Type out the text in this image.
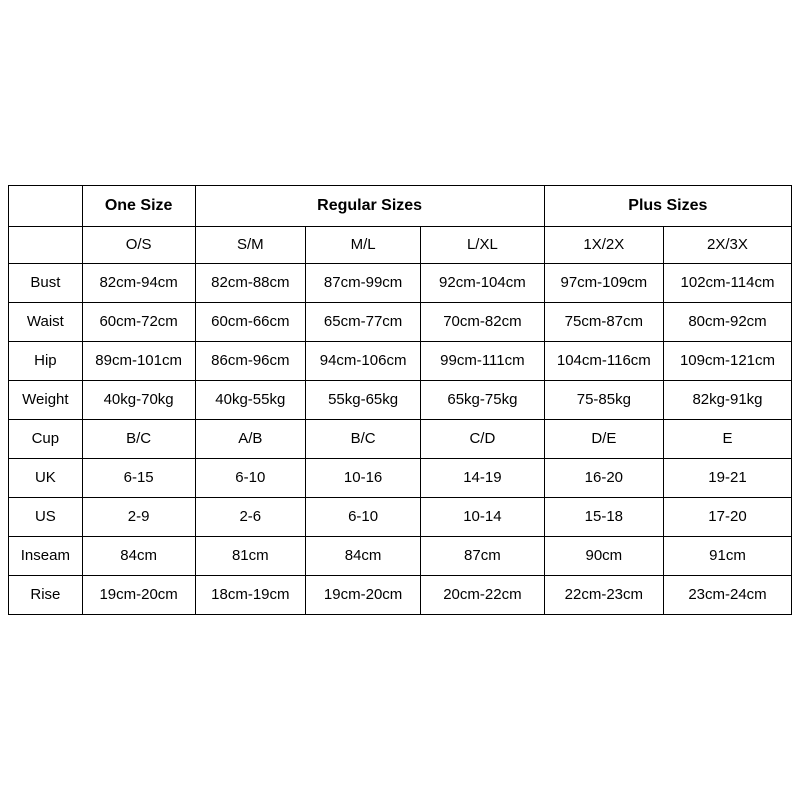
	One Size	Regular Sizes			Plus Sizes	
	O/S	S/M	M/L	L/XL	1X/2X	2X/3X
Bust	82cm-94cm	82cm-88cm	87cm-99cm	92cm-104cm	97cm-109cm	102cm-114cm
Waist	60cm-72cm	60cm-66cm	65cm-77cm	70cm-82cm	75cm-87cm	80cm-92cm
Hip	89cm-101cm	86cm-96cm	94cm-106cm	99cm-111cm	104cm-116cm	109cm-121cm
Weight	40kg-70kg	40kg-55kg	55kg-65kg	65kg-75kg	75-85kg	82kg-91kg
Cup	B/C	A/B	B/C	C/D	D/E	E
UK	6-15	6-10	10-16	14-19	16-20	19-21
US	2-9	2-6	6-10	10-14	15-18	17-20
Inseam	84cm	81cm	84cm	87cm	90cm	91cm
Rise	19cm-20cm	18cm-19cm	19cm-20cm	20cm-22cm	22cm-23cm	23cm-24cm
